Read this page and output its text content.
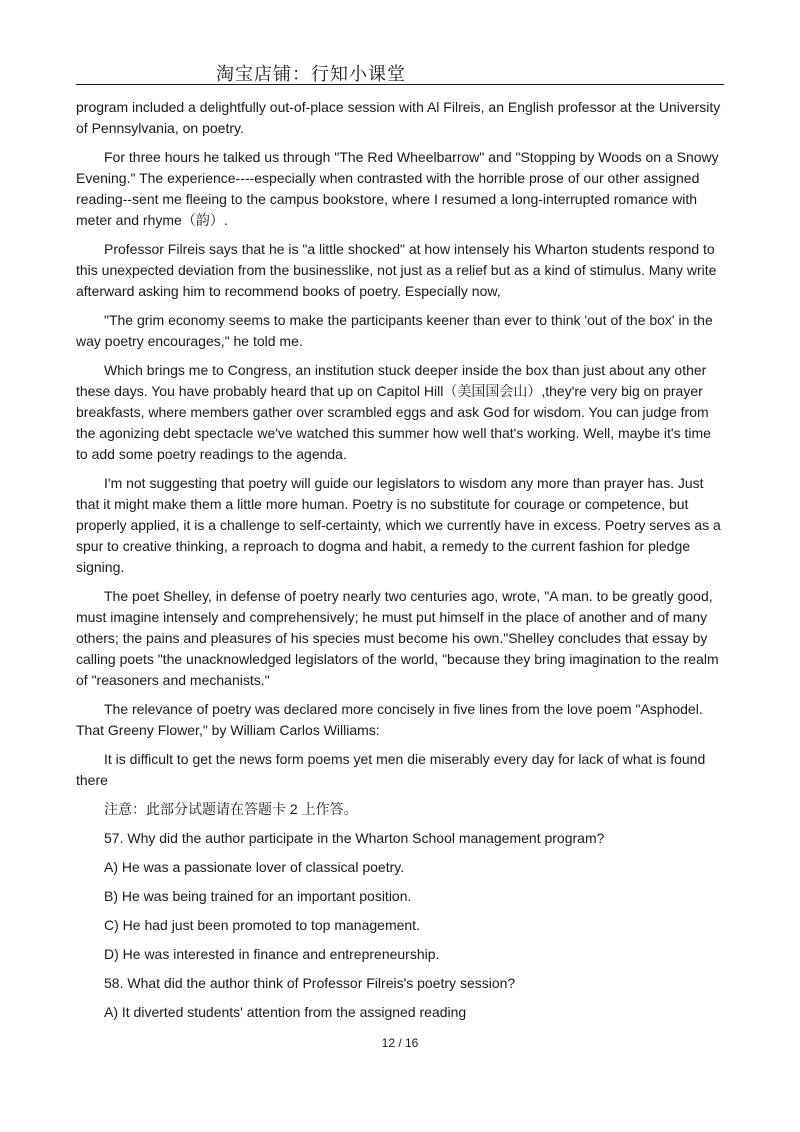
淘宝店铺：行知小课堂

program included a delightfully out-of-place session with Al Filreis, an English professor at the University of Pennsylvania, on poetry.

For three hours he talked us through "The Red Wheelbarrow" and "Stopping by Woods on a Snowy Evening." The experience----especially when contrasted with the horrible prose of our other assigned reading--sent me fleeing to the campus bookstore, where I resumed a long-interrupted romance with meter and rhyme（韵）.

Professor Filreis says that he is "a little shocked" at how intensely his Wharton students respond to this unexpected deviation from the businesslike, not just as a relief but as a kind of stimulus. Many write afterward asking him to recommend books of poetry. Especially now,

"The grim economy seems to make the participants keener than ever to think 'out of the box' in the way poetry encourages," he told me.

Which brings me to Congress, an institution stuck deeper inside the box than just about any other these days. You have probably heard that up on Capitol Hill（美国国会山）,they're very big on prayer breakfasts, where members gather over scrambled eggs and ask God for wisdom. You can judge from the agonizing debt spectacle we've watched this summer how well that's working. Well, maybe it's time to add some poetry readings to the agenda.

I'm not suggesting that poetry will guide our legislators to wisdom any more than prayer has. Just that it might make them a little more human. Poetry is no substitute for courage or competence, but properly applied, it is a challenge to self-certainty, which we currently have in excess. Poetry serves as a spur to creative thinking, a reproach to dogma and habit, a remedy to the current fashion for pledge signing.

The poet Shelley, in defense of poetry nearly two centuries ago, wrote, "A man. to be greatly good, must imagine intensely and comprehensively; he must put himself in the place of another and of many others; the pains and pleasures of his species must become his own."Shelley concludes that essay by calling poets "the unacknowledged legislators of the world, "because they bring imagination to the realm of "reasoners and mechanists."

The relevance of poetry was declared more concisely in five lines from the love poem "Asphodel. That Greeny Flower," by William Carlos Williams:

It is difficult to get the news form poems yet men die miserably every day for lack of what is found there

注意：此部分试题请在答题卡 2 上作答。

57. Why did the author participate in the Wharton School management program?

A) He was a passionate lover of classical poetry.

B) He was being trained for an important position.

C) He had just been promoted to top management.

D) He was interested in finance and entrepreneurship.

58. What did the author think of Professor Filreis's poetry session?

A) It diverted students' attention from the assigned reading

12 / 16
